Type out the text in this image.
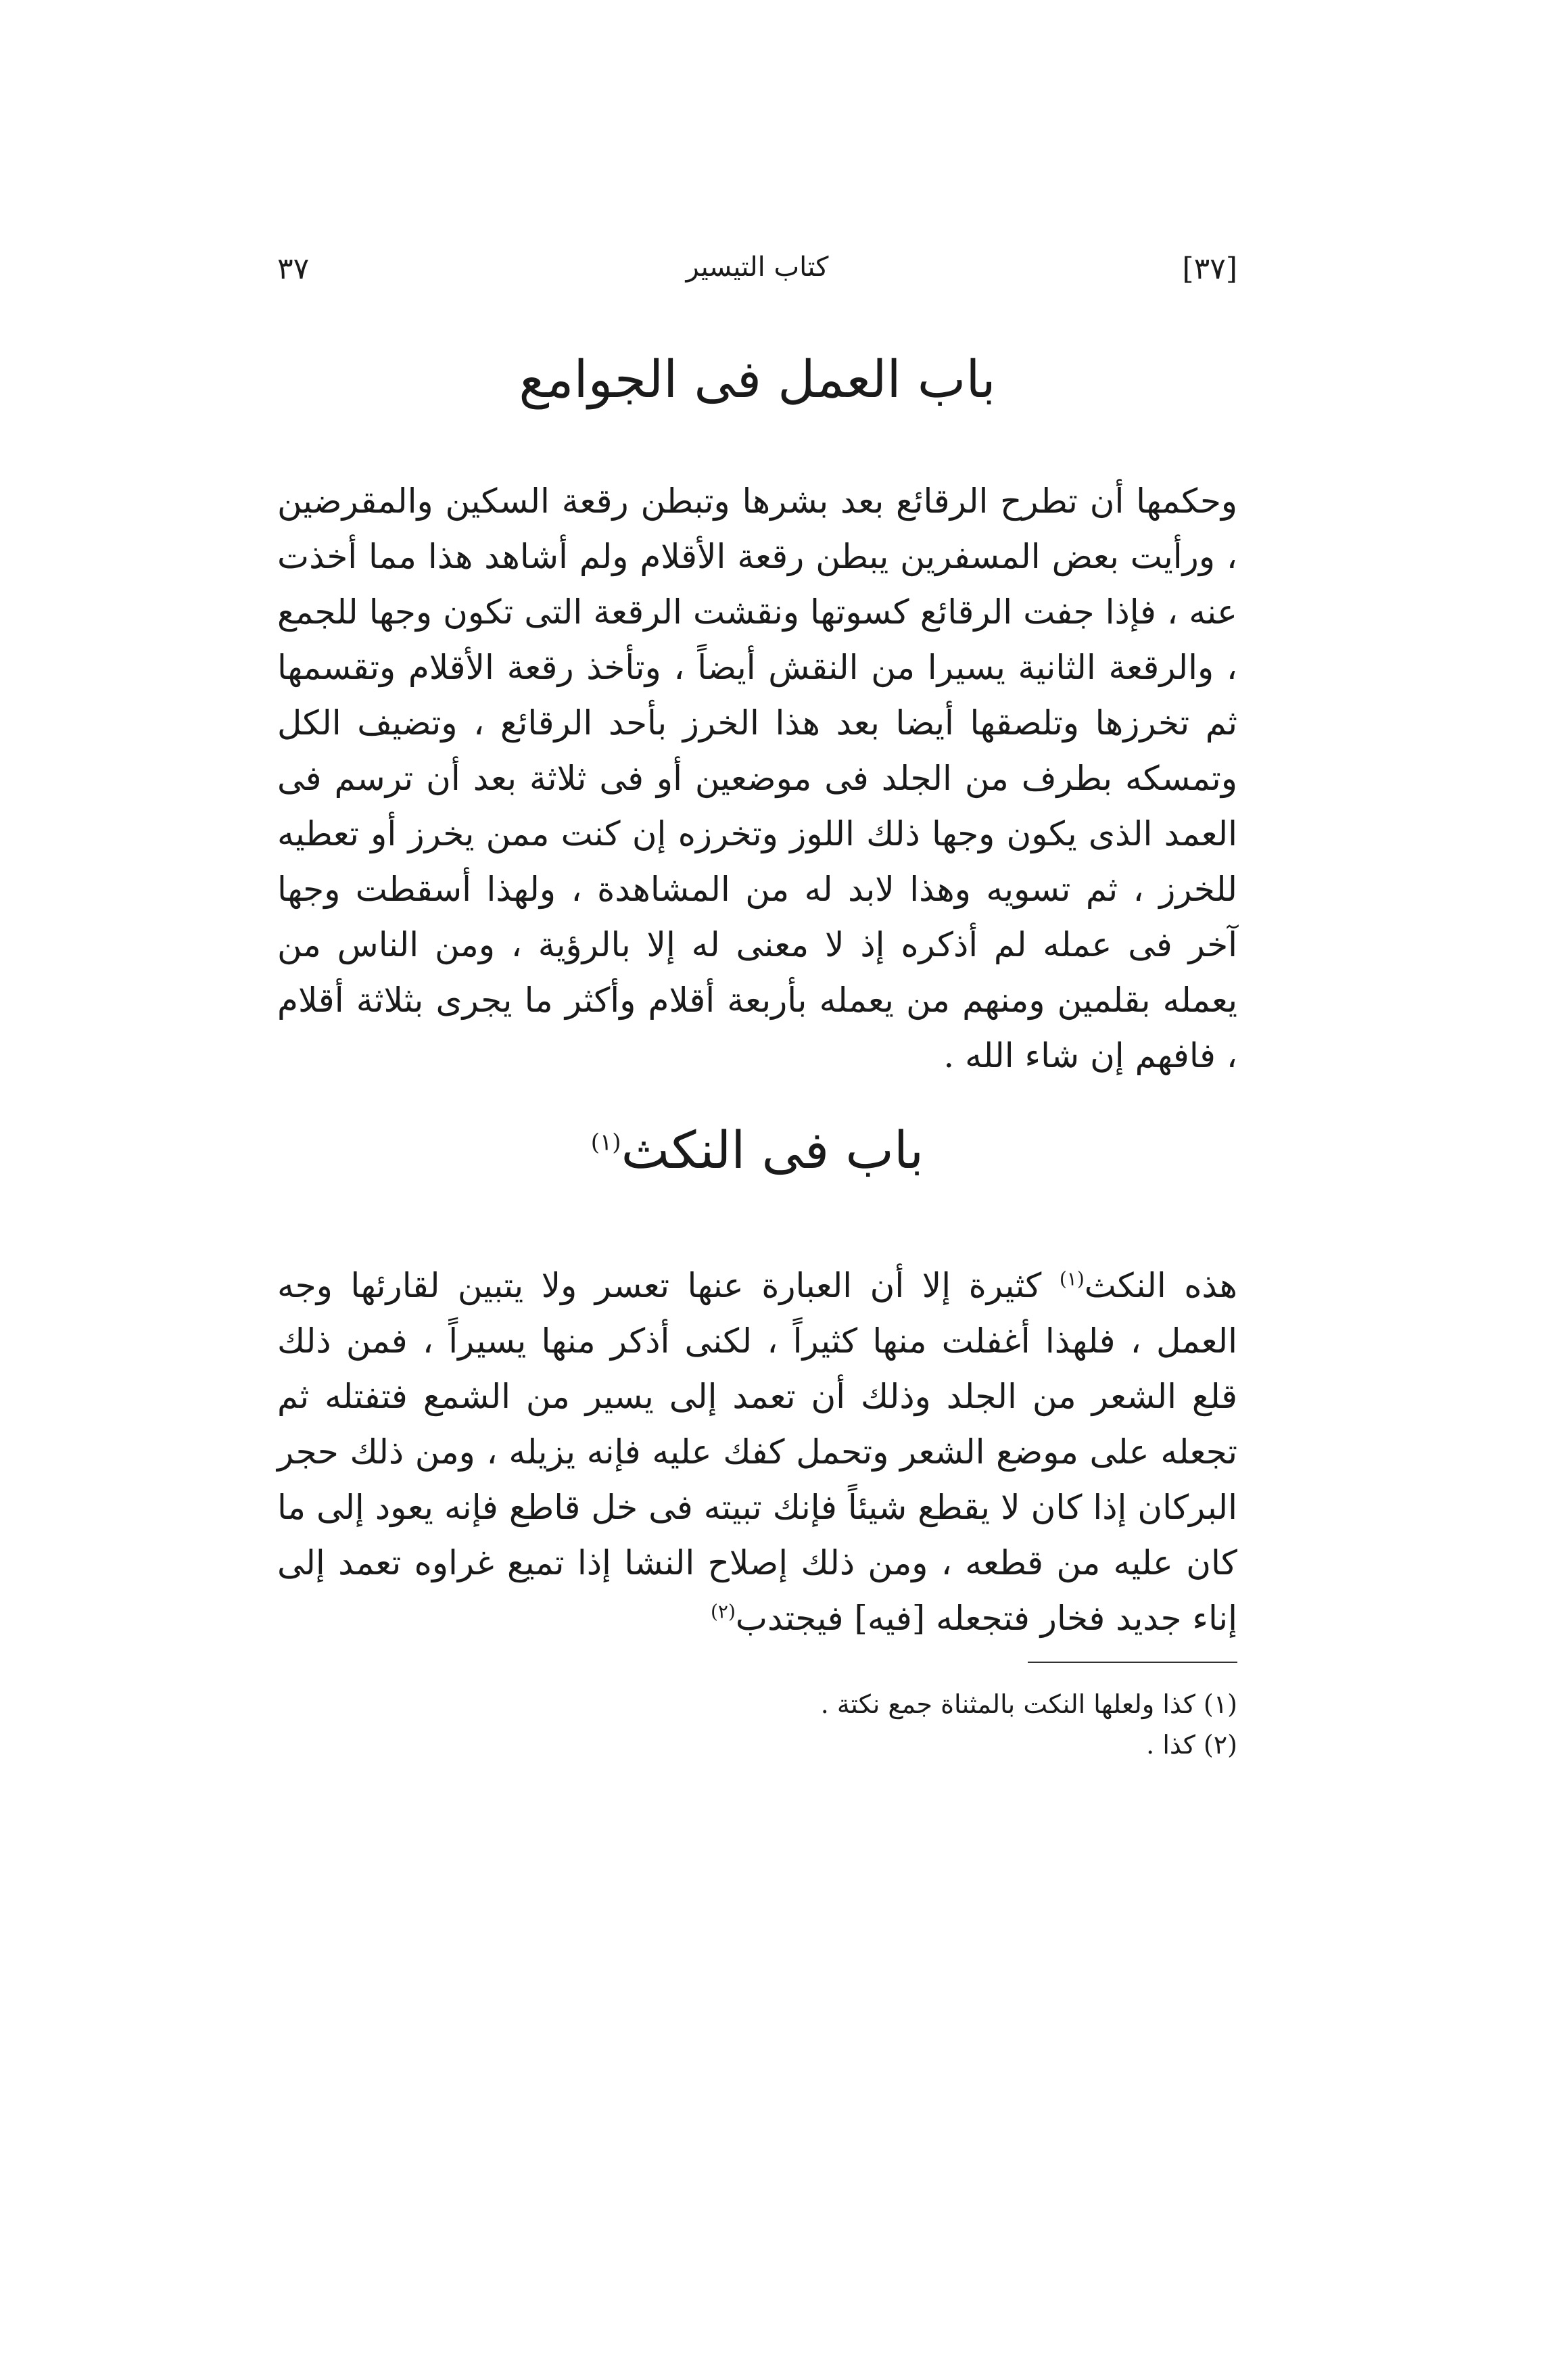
[٣٧]
كتاب التيسير
٣٧
باب العمل فى الجوامع
وحكمها أن تطرح الرقائع بعد بشرها وتبطن رقعة السكين والمقرضين ، ورأيت بعض المسفرين يبطن رقعة الأقلام ولم أشاهد هذا مما أخذت عنه ، فإذا جفت الرقائع كسوتها ونقشت الرقعة التى تكون وجها للجمع ، والرقعة الثانية يسيرا من النقش أيضاً ، وتأخذ رقعة الأقلام وتقسمها ثم تخرزها وتلصقها أيضا بعد هذا الخرز بأحد الرقائع ، وتضيف الكل وتمسكه بطرف من الجلد فى موضعين أو فى ثلاثة بعد أن ترسم فى العمد الذى يكون وجها ذلك اللوز وتخرزه إن كنت ممن يخرز أو تعطيه للخرز ، ثم تسويه وهذا لابد له من المشاهدة ، ولهذا أسقطت وجها آخر فى عمله لم أذكره إذ لا معنى له إلا بالرؤية ، ومن الناس من يعمله بقلمين ومنهم من يعمله بأربعة أقلام وأكثر ما يجرى بثلاثة أقلام ، فافهم إن شاء الله .
باب فى النكث$^{(١)}$
هذه النكث$^{(١)}$ كثيرة إلا أن العبارة عنها تعسر ولا يتبين لقارئها وجه العمل ، فلهذا أغفلت منها كثيراً ، لكنى أذكر منها يسيراً ، فمن ذلك قلع الشعر من الجلد وذلك أن تعمد إلى يسير من الشمع فتفتله ثم تجعله على موضع الشعر وتحمل كفك عليه فإنه يزيله ، ومن ذلك حجر البركان إذا كان لا يقطع شيئاً فإنك تبيته فى خل قاطع فإنه يعود إلى ما كان عليه من قطعه ، ومن ذلك إصلاح النشا إذا تميع غراوه تعمد إلى إناء جديد فخار فتجعله [فيه] فيجتدب$^{(٢)}$
(١)كذا ولعلها النكت بالمثناة جمع نكتة .
(٢)كذا .
